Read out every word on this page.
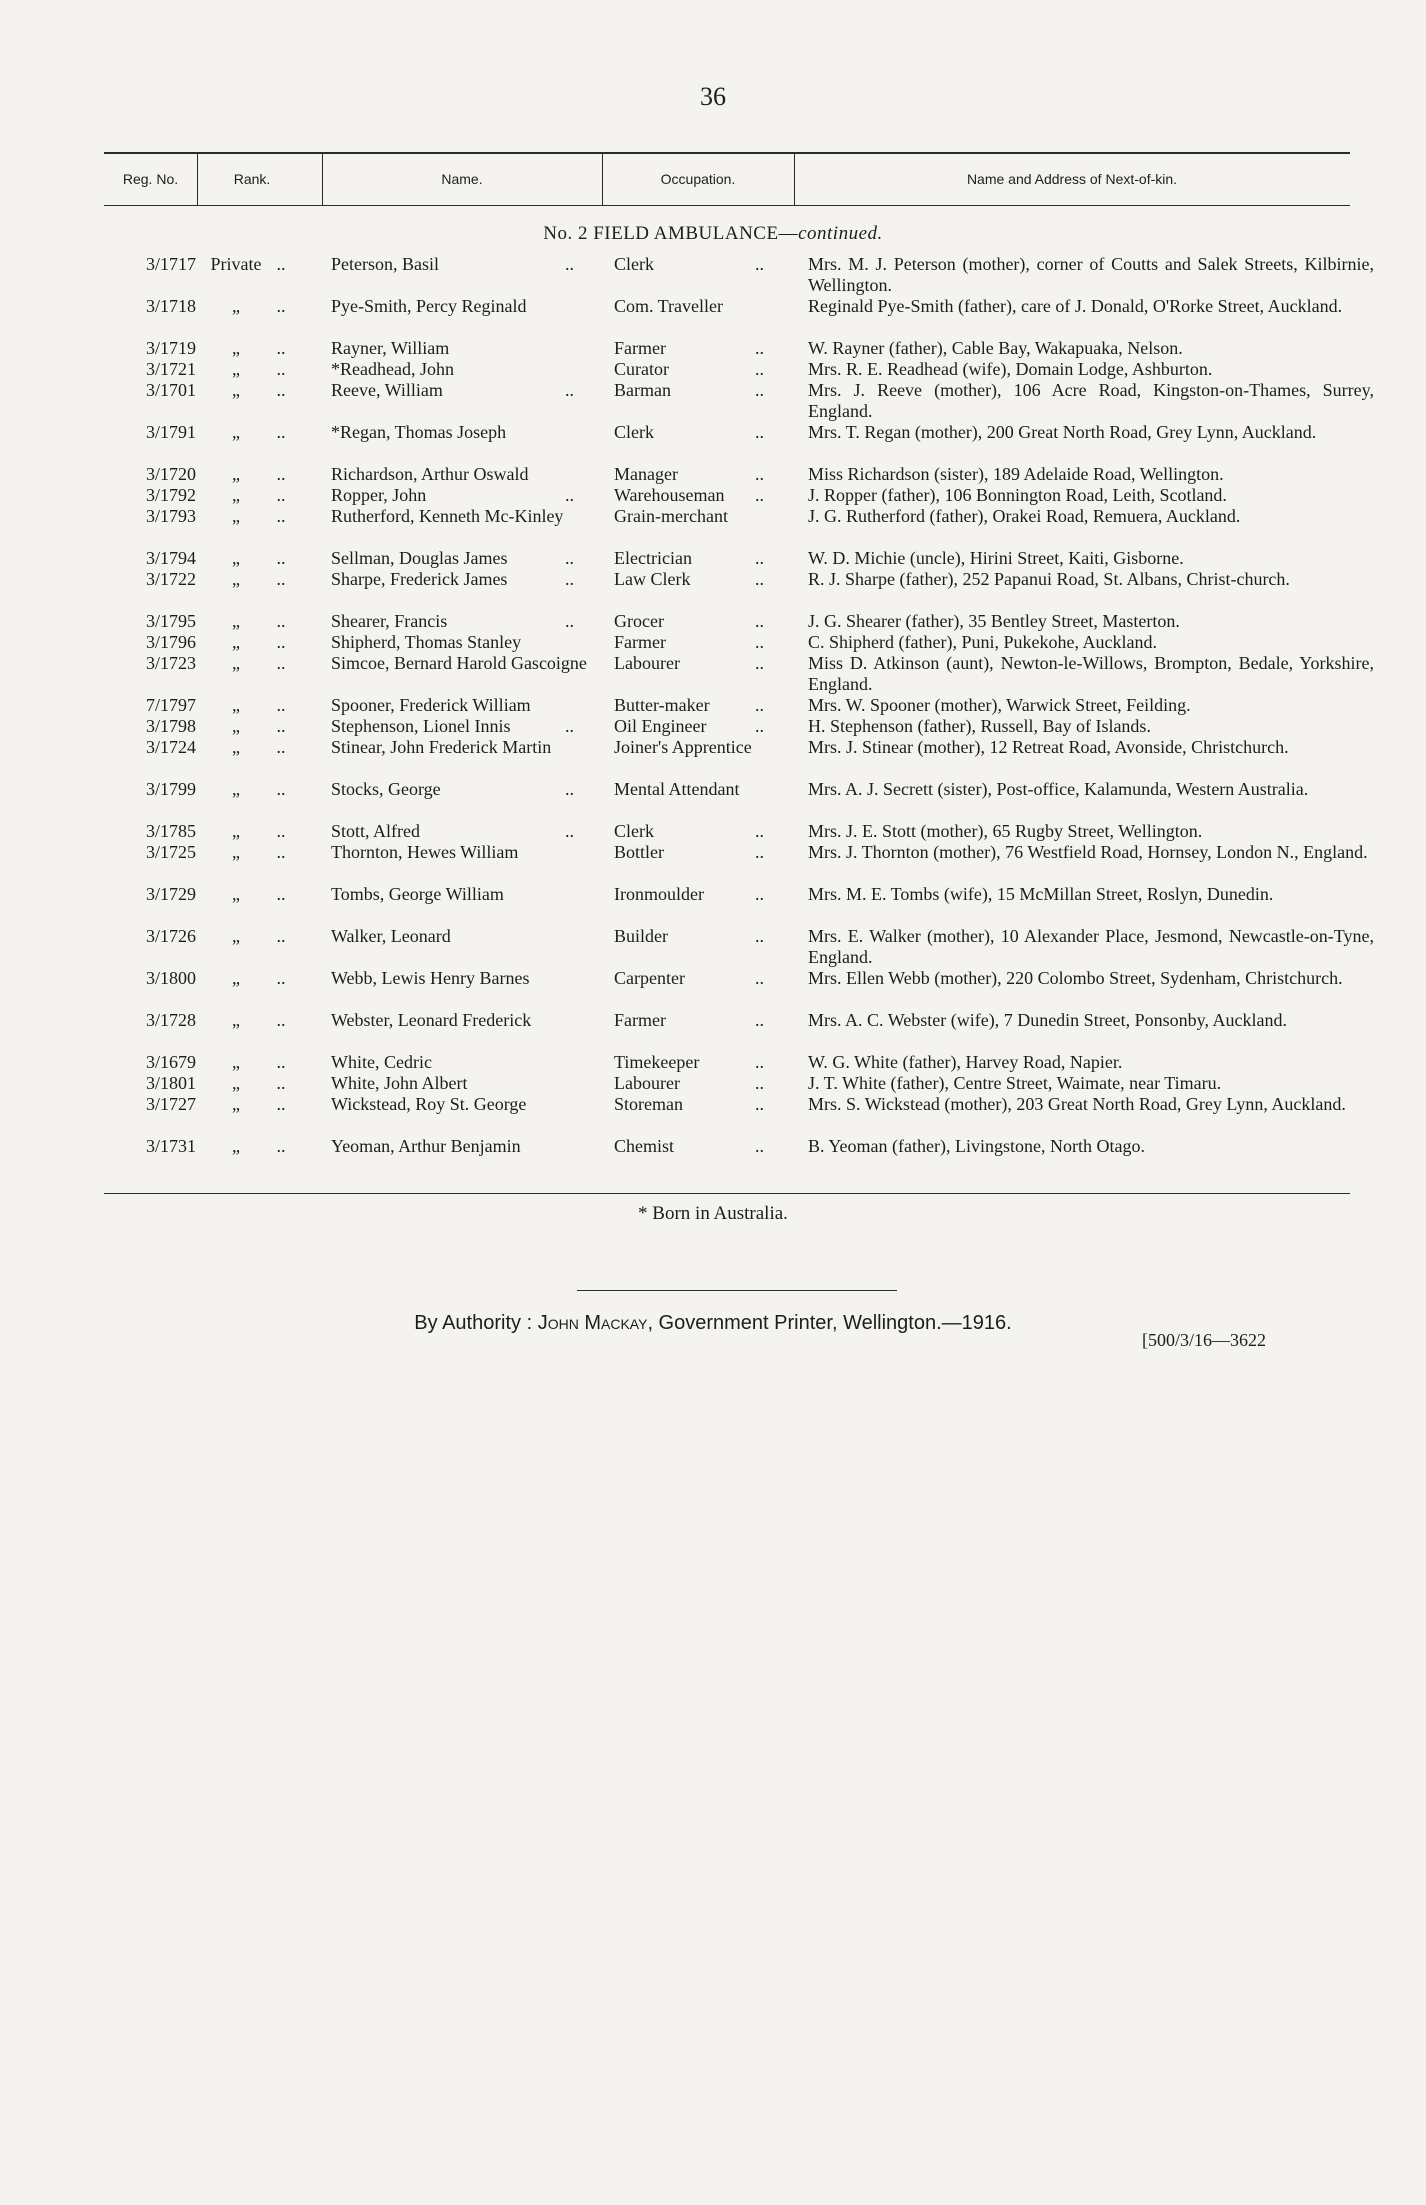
36
Reg. No.	Rank.	Name.	Occupation.	Name and Address of Next-of-kin.
No. 2 FIELD AMBULANCE—continued.
3/1717 Private ..	Peterson, Basil	Clerk	Mrs. M. J. Peterson (mother), corner of Coutts and Salek Streets, Kilbirnie, Wellington.
..	..
3/1718	„ ..	Pye-Smith, Percy Reginald	Com. Traveller	Reginald Pye-Smith (father), care of J. Donald, O'Rorke Street, Auckland.
3/1719	„ ..	Rayner, William	Farmer	W. Rayner (father), Cable Bay, Wakapuaka, Nelson.
..
3/1721	„ ..	*Readhead, John	Curator	Mrs. R. E. Readhead (wife), Domain Lodge, Ashburton.
..
3/1701	„ ..	Reeve, William	Barman	Mrs. J. Reeve (mother), 106 Acre Road, Kingston-on-Thames, Surrey, England.
..	..
3/1791	„ ..	*Regan, Thomas Joseph	Clerk	Mrs. T. Regan (mother), 200 Great North Road, Grey Lynn, Auckland.
..
3/1720	„ ..	Richardson, Arthur Oswald	Manager	Miss Richardson (sister), 189 Adelaide Road, Wellington.
..
3/1792	„ ..	Ropper, John	Warehouseman	J. Ropper (father), 106 Bonnington Road, Leith, Scotland.
..	..
3/1793	„ ..	Rutherford, Kenneth Mc-Kinley	Grain-merchant	J. G. Rutherford (father), Orakei Road, Remuera, Auckland.
3/1794	„ ..	Sellman, Douglas James	Electrician	W. D. Michie (uncle), Hirini Street, Kaiti, Gisborne.
..	..
3/1722	„ ..	Sharpe, Frederick James	Law Clerk	R. J. Sharpe (father), 252 Papanui Road, St. Albans, Christ-church.
..	..
3/1795	„ ..	Shearer, Francis	Grocer	J. G. Shearer (father), 35 Bentley Street, Masterton.
..	..
3/1796	„ ..	Shipherd, Thomas Stanley	Farmer	C. Shipherd (father), Puni, Pukekohe, Auckland.
..
3/1723	„ ..	Simcoe, Bernard Harold Gascoigne	Labourer	Miss D. Atkinson (aunt), Newton-le-Willows, Brompton, Bedale, Yorkshire, England.
..
7/1797	„ ..	Spooner, Frederick William	Butter-maker	Mrs. W. Spooner (mother), Warwick Street, Feilding.
..
3/1798	„ ..	Stephenson, Lionel Innis	Oil Engineer	H. Stephenson (father), Russell, Bay of Islands.
..	..
3/1724	„ ..	Stinear, John Frederick Martin	Joiner's Apprentice	Mrs. J. Stinear (mother), 12 Retreat Road, Avonside, Christchurch.
3/1799	„ ..	Stocks, George	Mental Attendant	Mrs. A. J. Secrett (sister), Post-office, Kalamunda, Western Australia.
..
3/1785	„ ..	Stott, Alfred	Clerk	Mrs. J. E. Stott (mother), 65 Rugby Street, Wellington.
..	..
3/1725	„ ..	Thornton, Hewes William	Bottler	Mrs. J. Thornton (mother), 76 Westfield Road, Hornsey, London N., England.
..
3/1729	„ ..	Tombs, George William	Ironmoulder	Mrs. M. E. Tombs (wife), 15 McMillan Street, Roslyn, Dunedin.
..
3/1726	„ ..	Walker, Leonard	Builder	Mrs. E. Walker (mother), 10 Alexander Place, Jesmond, Newcastle-on-Tyne, England.
..
3/1800	„ ..	Webb, Lewis Henry Barnes	Carpenter	Mrs. Ellen Webb (mother), 220 Colombo Street, Sydenham, Christchurch.
..
3/1728	„ ..	Webster, Leonard Frederick	Farmer	Mrs. A. C. Webster (wife), 7 Dunedin Street, Ponsonby, Auckland.
..
3/1679	„ ..	White, Cedric	Timekeeper	W. G. White (father), Harvey Road, Napier.
..
3/1801	„ ..	White, John Albert	Labourer	J. T. White (father), Centre Street, Waimate, near Timaru.
..
3/1727	„ ..	Wickstead, Roy St. George	Storeman	Mrs. S. Wickstead (mother), 203 Great North Road, Grey Lynn, Auckland.
..
3/1731	„ ..	Yeoman, Arthur Benjamin	Chemist	B. Yeoman (father), Livingstone, North Otago.
..
* Born in Australia.
By Authority : John Mackay, Government Printer, Wellington.—1916.
[500/3/16—3622
